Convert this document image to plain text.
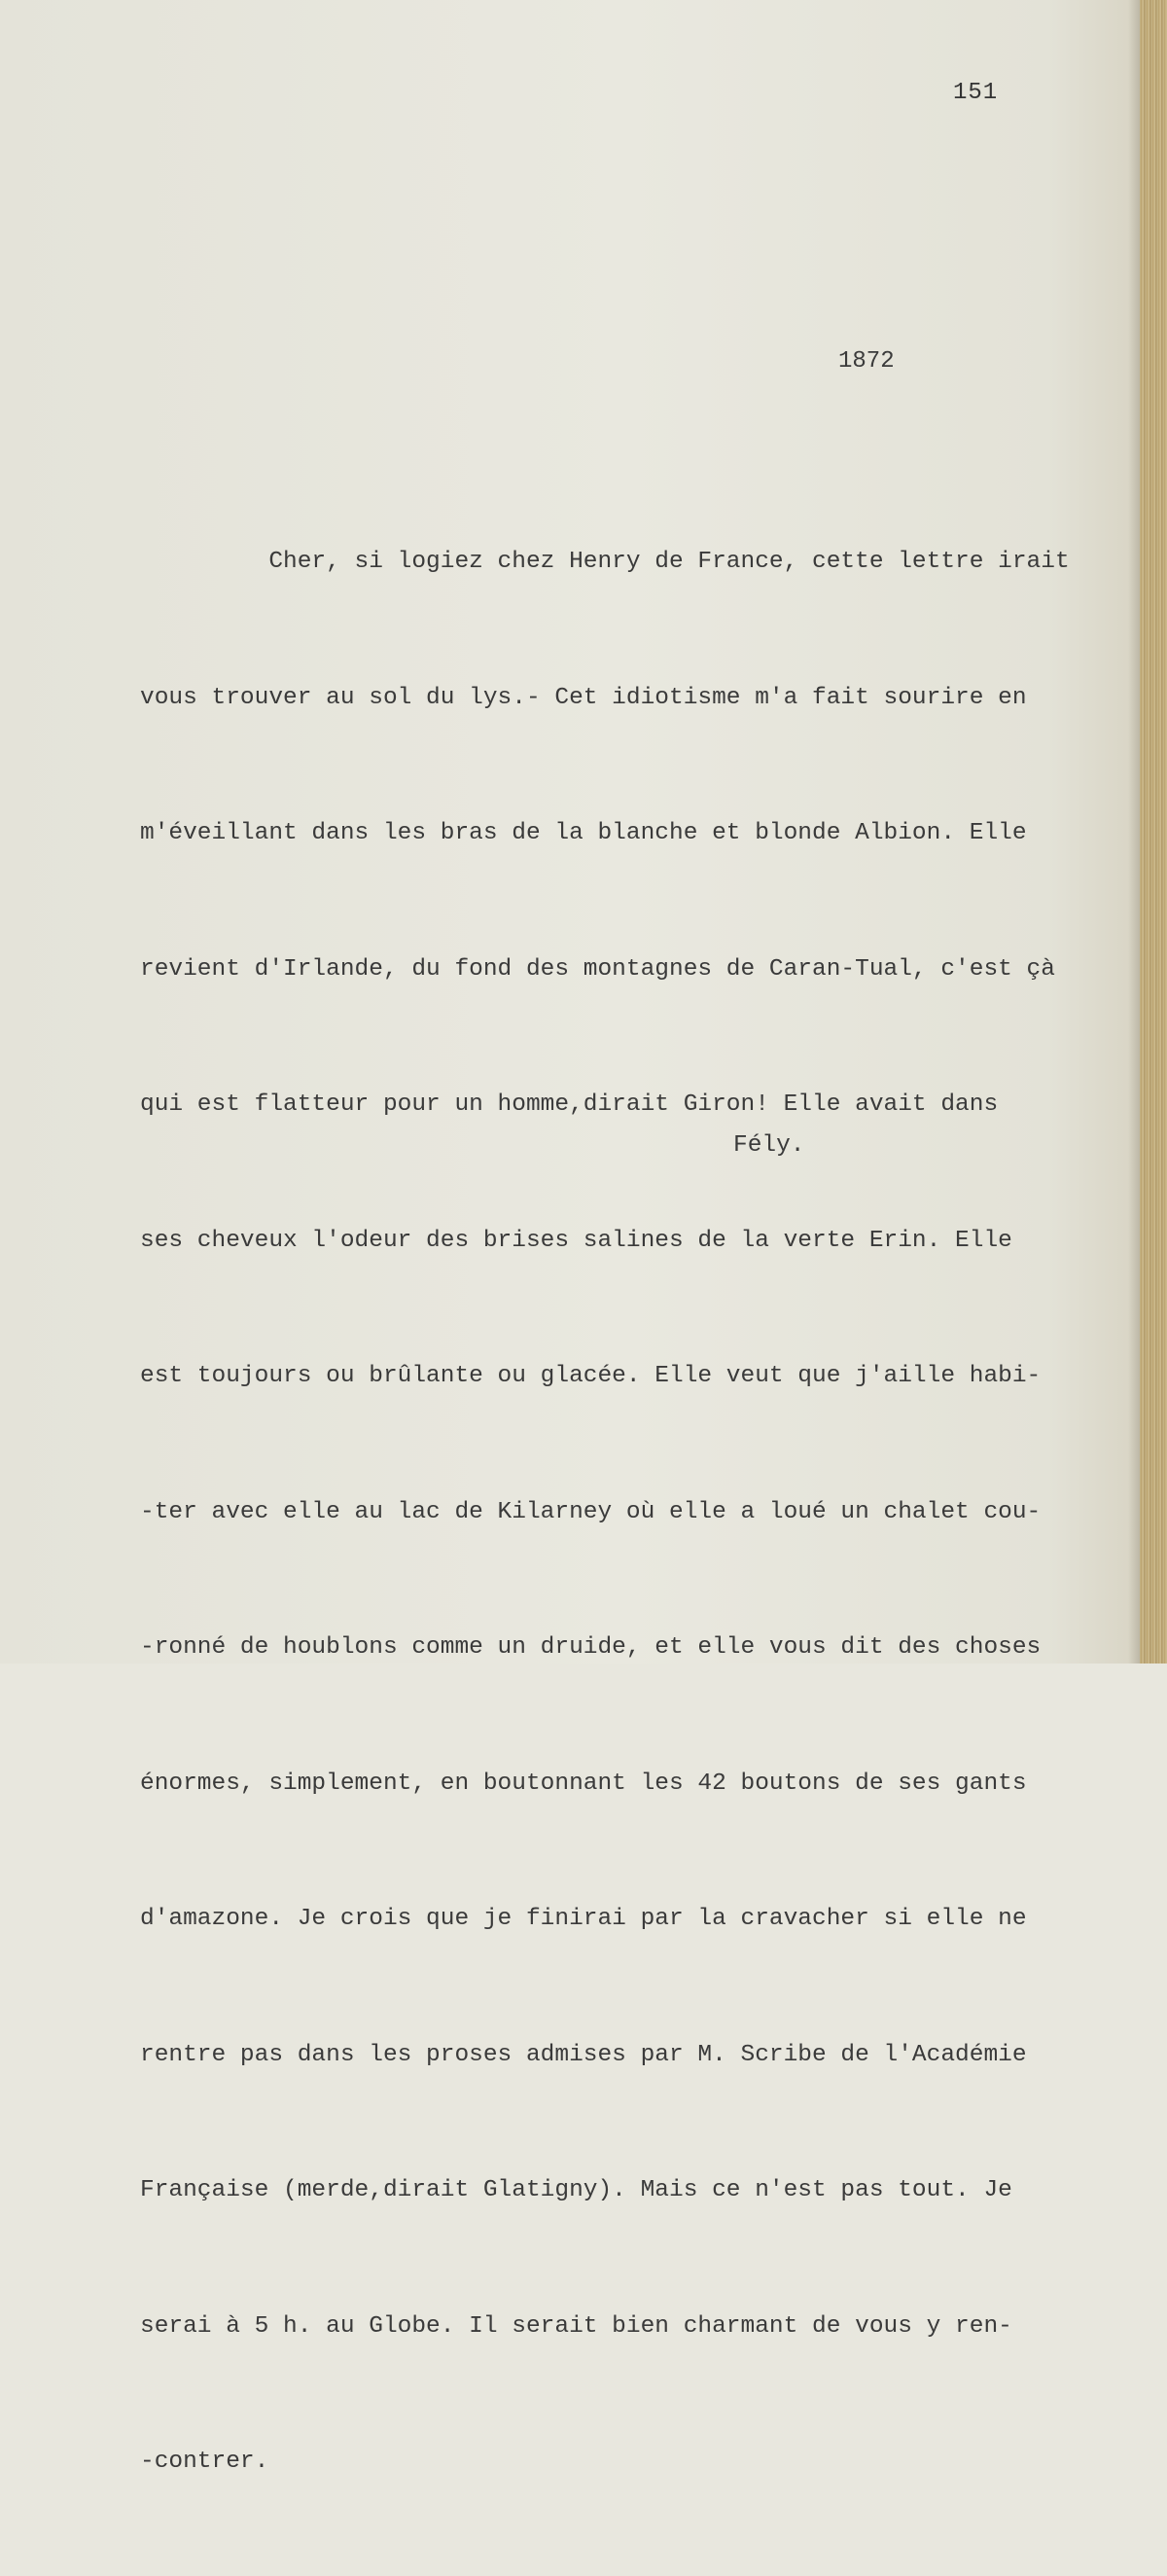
151
1872

Cher, si logiez chez Henry de France, cette lettre irait

vous trouver au sol du lys.- Cet idiotisme m'a fait sourire en

m'éveillant dans les bras de la blanche et blonde Albion. Elle

revient d'Irlande, du fond des montagnes de Caran-Tual, c'est çà

qui est flatteur pour un homme,dirait Giron! Elle avait dans

ses cheveux l'odeur des brises salines de la verte Erin. Elle

est toujours ou brûlante ou glacée. Elle veut que j'aille habi-

-ter avec elle au lac de Kilarney où elle a loué un chalet cou-

-ronné de houblons comme un druide, et elle vous dit des choses

énormes, simplement, en boutonnant les 42 boutons de ses gants

d'amazone. Je crois que je finirai par la cravacher si elle ne

rentre pas dans les proses admises par M. Scribe de l'Académie

Française (merde,dirait Glatigny). Mais ce n'est pas tout. Je

serai à 5 h. au Globe. Il serait bien charmant de vous y ren-

-contrer.

Fély.
